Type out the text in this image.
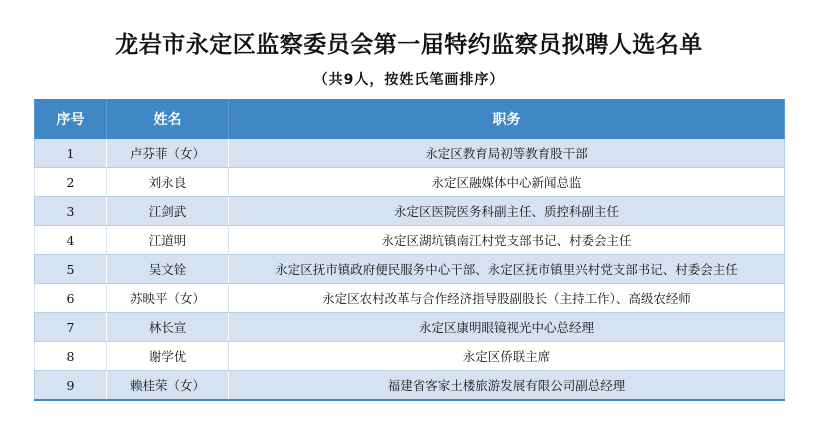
龙岩市永定区监察委员会第一届特约监察员拟聘人选名单
（共9人，按姓氏笔画排序）
序号	姓名	职务
1	卢芬菲（女）	永定区教育局初等教育股干部
2	刘永良	永定区融媒体中心新闻总监
3	江剑武	永定区医院医务科副主任、质控科副主任
4	江道明	永定区湖坑镇南江村党支部书记、村委会主任
5	吴文铨	永定区抚市镇政府便民服务中心干部、永定区抚市镇里兴村党支部书记、村委会主任
6	苏映平（女）	永定区农村改革与合作经济指导股副股长（主持工作）、高级农经师
7	林长宣	永定区康明眼镜视光中心总经理
8	谢学优	永定区侨联主席
9	赖桂荣（女）	福建省客家土楼旅游发展有限公司副总经理
